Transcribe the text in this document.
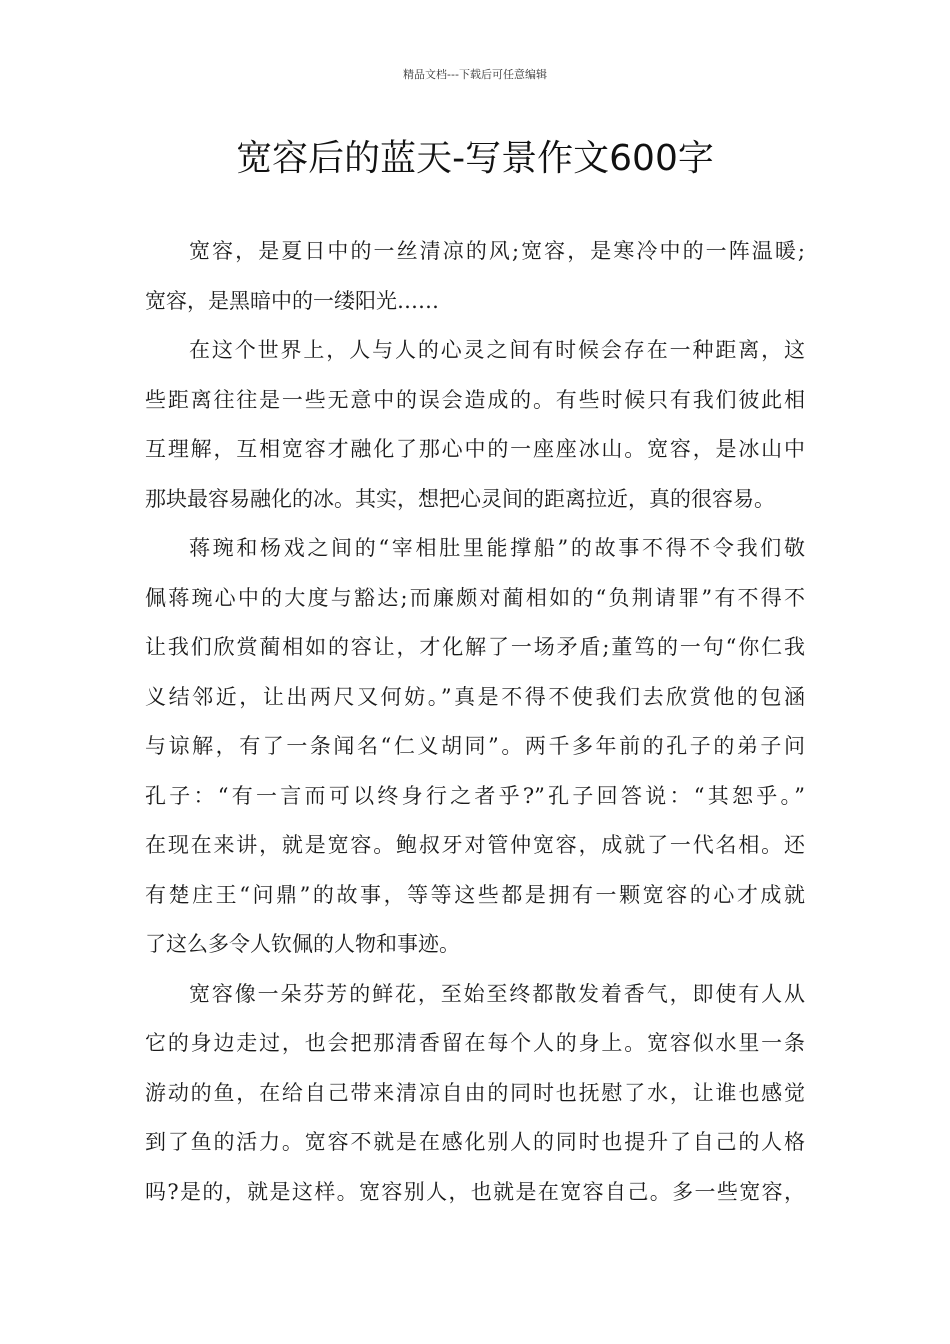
精品文档---下载后可任意编辑
宽容后的蓝天-写景作文600字
宽容，是夏日中的一丝清凉的风;宽容，是寒冷中的一阵温暖;
宽容，是黑暗中的一缕阳光……
在这个世界上，人与人的心灵之间有时候会存在一种距离，这
些距离往往是一些无意中的误会造成的。有些时候只有我们彼此相
互理解，互相宽容才融化了那心中的一座座冰山。宽容，是冰山中
那块最容易融化的冰。其实，想把心灵间的距离拉近，真的很容易。
蒋琬和杨戏之间的“宰相肚里能撑船”的故事不得不令我们敬
佩蒋琬心中的大度与豁达;而廉颇对蔺相如的“负荆请罪”有不得不
让我们欣赏蔺相如的容让，才化解了一场矛盾;董笃的一句“你仁我
义结邻近，让出两尺又何妨。”真是不得不使我们去欣赏他的包涵
与谅解，有了一条闻名“仁义胡同”。两千多年前的孔子的弟子问
孔子：“有一言而可以终身行之者乎?”孔子回答说：“其恕乎。”
在现在来讲，就是宽容。鲍叔牙对管仲宽容，成就了一代名相。还
有楚庄王“问鼎”的故事，等等这些都是拥有一颗宽容的心才成就
了这么多令人钦佩的人物和事迹。
宽容像一朵芬芳的鲜花，至始至终都散发着香气，即使有人从
它的身边走过，也会把那清香留在每个人的身上。宽容似水里一条
游动的鱼，在给自己带来清凉自由的同时也抚慰了水，让谁也感觉
到了鱼的活力。宽容不就是在感化别人的同时也提升了自己的人格
吗?是的，就是这样。宽容别人，也就是在宽容自己。多一些宽容，
